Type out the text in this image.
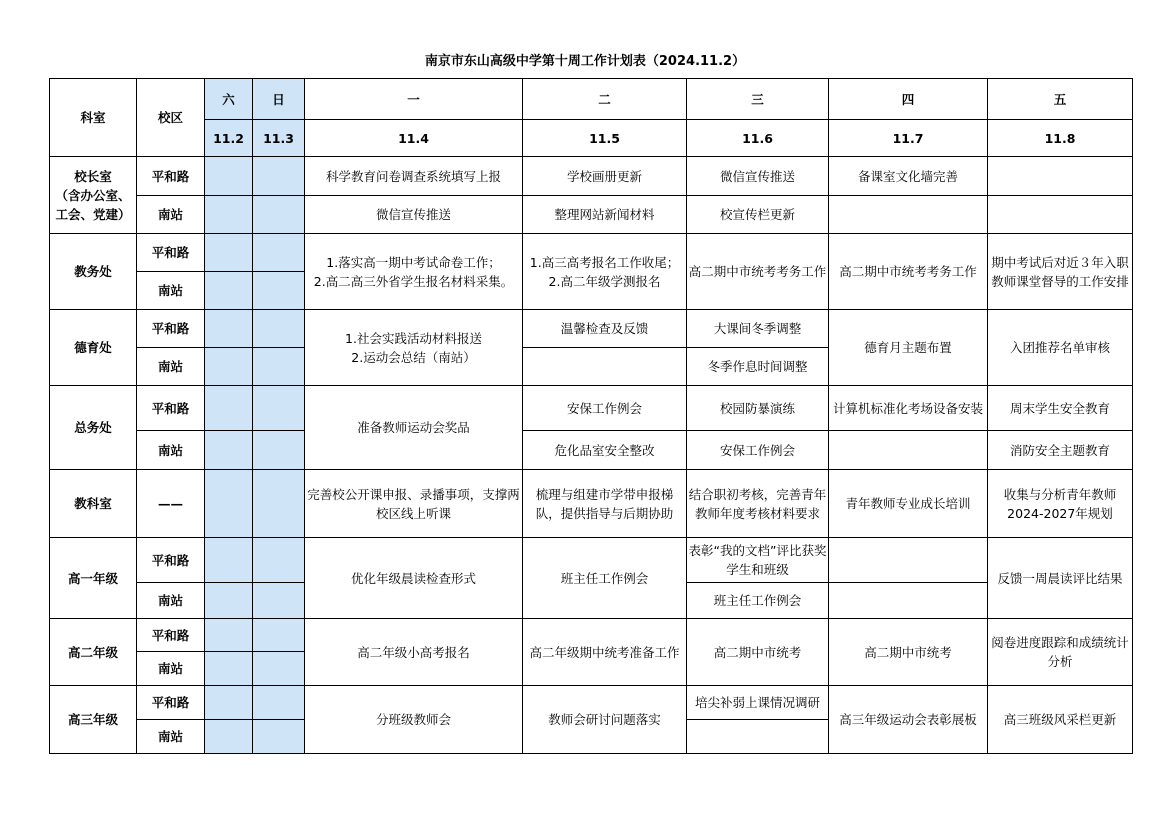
南京市东山高级中学第十周工作计划表（2024.11.2）
科室	校区	六	日	一	二	三	四	五
		11.2	11.3	11.4	11.5	11.6	11.7	11.8
校长室
（含办公室、
工会、党建）	平和路			科学教育问卷调查系统填写上报	学校画册更新	微信宣传推送	备课室文化墙完善	
	南站			微信宣传推送	整理网站新闻材料	校宣传栏更新		
教务处	平和路			1.落实高一期中考试命卷工作；
2.高二高三外省学生报名材料采集。	1.高三高考报名工作收尾；
2.高二年级学测报名	高二期中市统考考务工作	高二期中市统考考务工作	期中考试后对近３年入职教师课堂督导的工作安排
	南站							
德育处	平和路			1.社会实践活动材料报送
2.运动会总结（南站）	温馨检查及反馈	大课间冬季调整	德育月主题布置	入团推荐名单审核
	南站					冬季作息时间调整		
总务处	平和路			准备教师运动会奖品	安保工作例会	校园防暴演练	计算机标准化考场设备安装	周末学生安全教育
	南站				危化品室安全整改	安保工作例会		消防安全主题教育
教科室	——			完善校公开课申报、录播事项，支撑两校区线上听课	梳理与组建市学带申报梯队，提供指导与后期协助	结合职初考核，完善青年教师年度考核材料要求	青年教师专业成长培训	收集与分析青年教师2024-2027年规划
高一年级	平和路			优化年级晨读检查形式	班主任工作例会	表彰“我的文档”评比获奖学生和班级		反馈一周晨读评比结果
	南站					班主任工作例会		
高二年级	平和路			高二年级小高考报名	高二年级期中统考准备工作	高二期中市统考	高二期中市统考	阅卷进度跟踪和成绩统计分析
	南站							
高三年级	平和路			分班级教师会	教师会研讨问题落实	培尖补弱上课情况调研	高三年级运动会表彰展板	高三班级风采栏更新
	南站							
